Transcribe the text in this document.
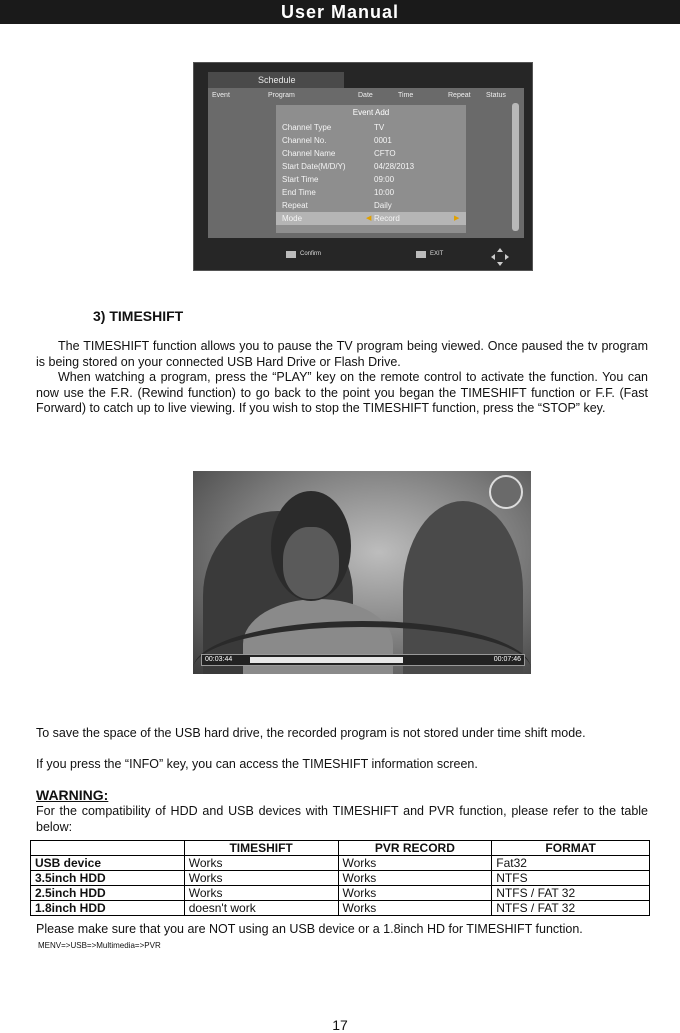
User Manual
Schedule
Event	Program	Date	Time	Repeat Status
Event Add
Channel Type	TV
Channel No.	0001
Channel Name	CFTO
Start Date(M/D/Y)	04/28/2013
Start Time	09:00
End Time	10:00
Repeat	Daily
Mode	◀ Record	▶
Confirm	EXIT
3) TIMESHIFT

The TIMESHIFT function allows you to pause the TV program being viewed. Once paused the tv program is being stored on your connected USB Hard Drive or Flash Drive.

When watching a program, press the “PLAY” key on the remote control to activate the function. You can now use the F.R. (Rewind function) to go back to the point you began the TIMESHIFT function or F.F. (Fast Forward) to catch up to live viewing. If you wish to stop the TIMESHIFT function, press the “STOP” key.

00:03:44	00:07:46
To save the space of the USB hard drive, the recorded program is not stored under time shift mode.
If you press the “INFO” key, you can access the TIMESHIFT information screen.
WARNING:
For the compatibility of HDD and USB devices with TIMESHIFT and PVR function, please refer to the table below:
	TIMESHIFT	PVR RECORD	FORMAT
USB device	Works	Works	Fat32
3.5inch HDD	Works	Works	NTFS
2.5inch HDD	Works	Works	NTFS / FAT 32
1.8inch HDD	doesn't work	Works	NTFS / FAT 32
Please make sure that you are NOT using an USB device or a 1.8inch HD for TIMESHIFT function.
MENV=>USB=>Multimedia=>PVR
17
